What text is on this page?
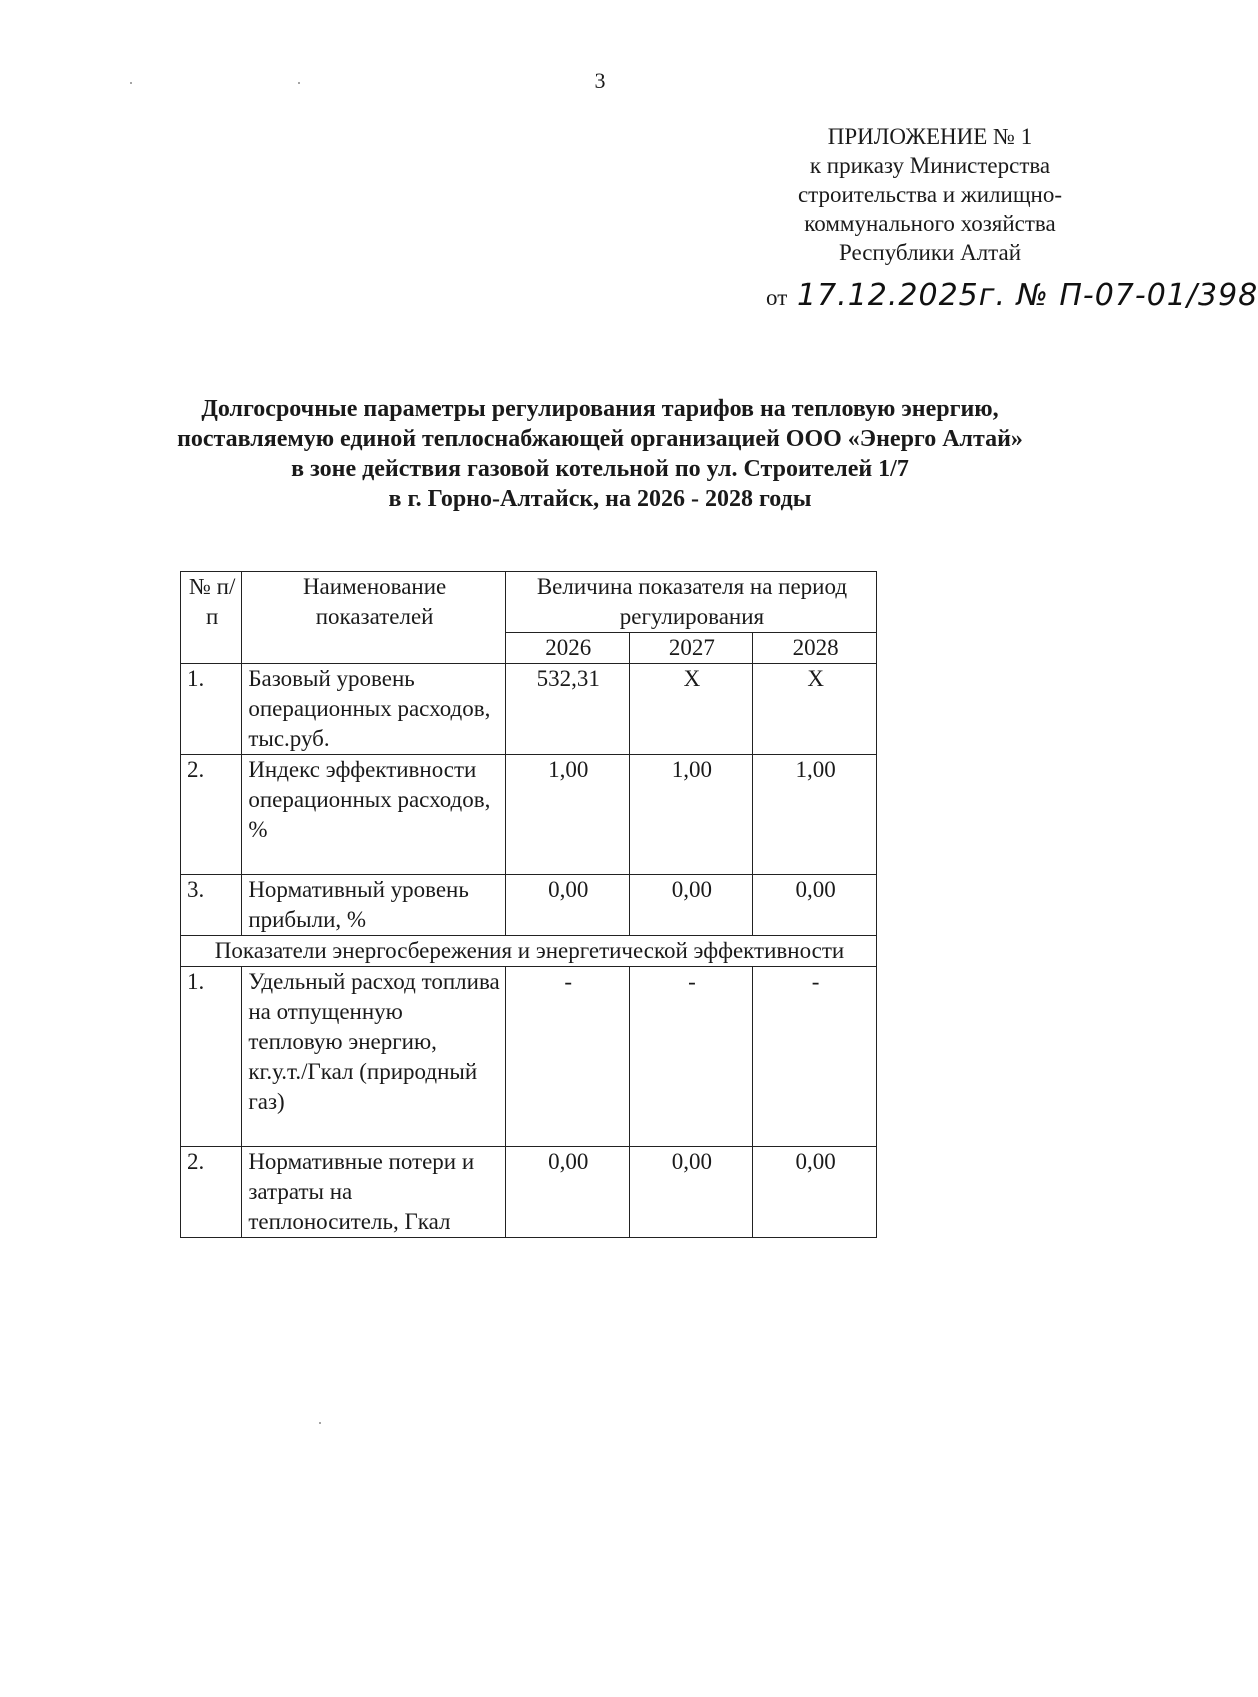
3
ПРИЛОЖЕНИЕ № 1
к приказу Министерства
строительства и жилищно-
коммунального хозяйства
Республики Алтай
от 17.12.2025г. № П-07-01/398
Долгосрочные параметры регулирования тарифов на тепловую энергию,
поставляемую единой теплоснабжающей организацией ООО «Энерго Алтай»
в зоне действия газовой котельной по ул. Строителей 1/7
в г. Горно-Алтайск, на 2026 - 2028 годы
№ п/п	Наименование показателей	Величина показателя на период регулирования		
		2026	2027	2028
1.	Базовый уровень операционных расходов, тыс.руб.	532,31	X	X
2.	Индекс эффективности операционных расходов, %	1,00	1,00	1,00
3.	Нормативный уровень прибыли, %	0,00	0,00	0,00
Показатели энергосбережения и энергетической эффективности				
1.	Удельный расход топлива на отпущенную тепловую энергию, кг.у.т./Гкал (природный газ)	-	-	-
2.	Нормативные потери и затраты на теплоноситель, Гкал	0,00	0,00	0,00
